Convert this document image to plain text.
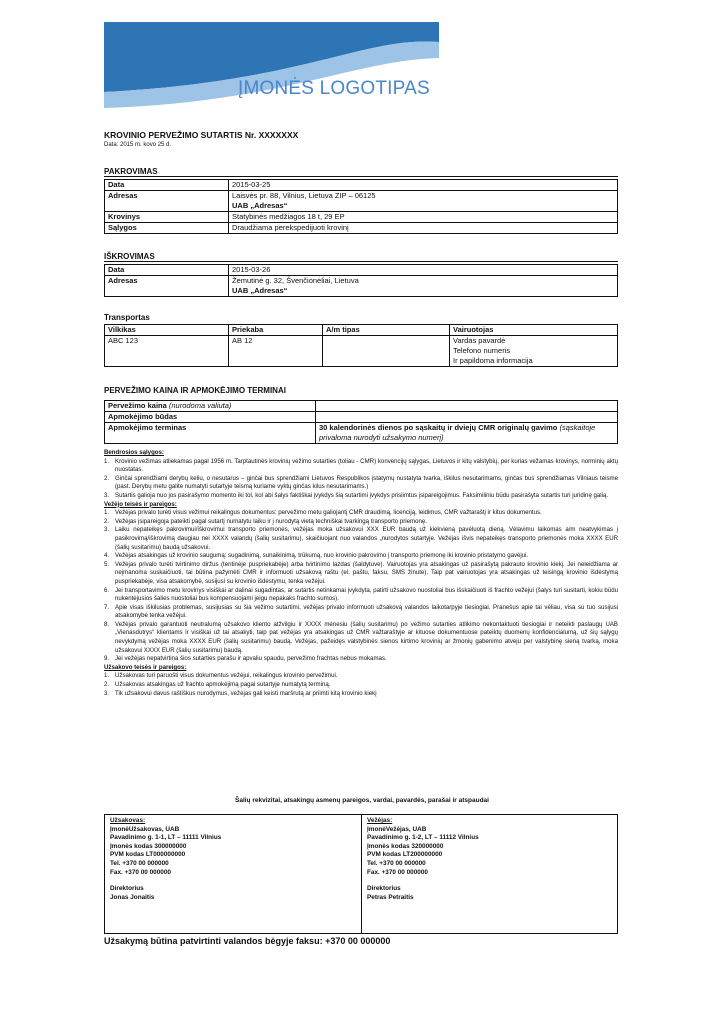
ĮMONĖS LOGOTIPAS
KROVINIO PERVEŽIMO SUTARTIS Nr. XXXXXXX
Data: 2015 m. kovo 25 d.
PAKROVIMAS
Data	2015-03-25
Adresas	Laisvės pr. 88, Vilnius, Lietuva ZIP – 06125
UAB „Adresas“

Krovinys	Statybinės medžiagos 18 t, 29 EP
Sąlygos	Draudžiama perekspedijuoti krovinį
IŠKROVIMAS
Data	2015-03-26
Adresas	Žemutinė g. 32, Švenčionėliai, Lietuva
UAB „Adresas“
Transportas
Vilkikas	Priekaba	A/m tipas	Vairuotojas
ABC 123	AB 12		Vardas pavardė
Telefono numeris
Ir papildoma informacija
PERVEŽIMO KAINA IR APMOKĖJIMO TERMINAI
Pervežimo kaina (nurodoma valiuta)	
Apmokėjimo būdas	
Apmokėjimo terminas	30 kalendorinės dienos po sąskaitų ir dviejų CMR originalų gavimo (sąskaitoje privaloma nurodyti užsakymo numerį)
Bendrosios sąlygos:
1. Krovinio vežimas atliekamas pagal 1956 m. Tarptautinės krovinių vežimo sutarties (toliau - CMR) konvencijų sąlygas, Lietuvos ir kitų valstybių, per kurias vežamas krovinys, norminių aktų nuostatas.
2. Ginčai sprendžiami derybų keliu, o nesutarus – ginčai bus sprendžiami Lietuvos Respublikos įstatymų nustatyta tvarka, iškilus nesutarimams, ginčas bus sprendžiamas Vilniaus teisme (past. Derybų metu galite numatyti sutartyje teismą kuriame vyktų ginčas kilus nesutarimams.)
3. Sutartis galioja nuo jos pasirašymo momento iki tol, kol abi šalys faktiškai įvykdys šią sutartimi įvykdys prisiimtus įsipareigojimus. Faksimiliniu būdu pasirašyta sutartis turi juridinę galią.
Vežėjo teisės ir pareigos:
1. Vežėjas privalo turėti visus vežimui reikalingus dokumentus: pervežimo metu galiojantį CMR draudimą, licenciją, leidimus, CMR važtaraštį ir kitus dokumentus.
2. Vežėjas įsipareigoja pateikti pagal sutartį numatytu laiku ir į nurodytą vietą techniškai tvarkingą transporto priemonę.
3. Laiku nepateikęs pakrovimui/iškrovimui transporto priemonės, vežėjas moka užsakovui XXX EUR baudą už kiekvieną pavėluotą dieną. Vėlavimu laikomas a/m neatvykimas į pasikrovimą/iškrovimą daugiau nei XXXX valandų (šalių susitarimu), skaičiuojant nuo valandos „nurodytos sutartyje. Vežėjas išvis nepateikęs transporto priemonės moka XXXX EUR (šalių susitarimu) baudą užsakovui.
4. Vežėjas atsakingas už krovinio saugumą: sugadinimą, sunaikinimą, trūkumą, nuo krovinio pakrovimo į transporto priemonę iki krovinio pristatymo gavėjui.
5. Vežėjas privalo turėti tvirtinimo diržus (tentinėje puspriekabėje) arba tvirtinimo lazdas (šaldytuve). Vairuotojas yra atsakingas už pasirašytą pakrauto krovinio kiekį. Jei neleidžiama ar neįmanoma suskaičiuoti, tai būtina pažymėti CMR ir informuoti užsakovą raštu (el. paštu, faksu, SMS žinute). Taip pat vairuotojas yra atsakingas už teisingą krovinio išdėstymą puspriekabėje, visa atsakomybė, susijusi su krovinio išdėstymu, tenka vežėjui.
6. Jei transportavimo metu krovinys visiškai ar dalinai sugadintas, ar sutartis netinkamai įvykdyta, patirti užsakovo nuostoliai bus išskaičiuoti iš frachto vežėjui (šalys turi susitarti, kokiu būdu nukentėjusios šalies nuostoliai bus kompensuojami jeigu nepakaks frachto sumos).
7. Apie visas iškilusias problemas, susijusias su šia vežimo sutartimi, vežėjas privalo informuoti užsakovą valandos laikotarpyje tiesiogiai. Pranešus apie tai vėliau, visa su tuo susijusi atsakomybė tenka vežėjui.
8. Vežėjas privalo garantuoti neutralumą užsakovo kliento atžvilgiu ir XXXX mėnesiu (šalių susitarimu) po vežimo sutarties atlikimo nekontaktuoti tiesiogiai ir neteikti paslaugų UAB „Vienasdutrys“ klientams ir visiškai už tai atsakyti, taip pat vežėjas yra atsakingas už CMR važtaraštyje ar kituose dokumentuose pateiktų duomenų konfidencialumą, už šių sąlygų nevykdymą vežėjas moka XXXX EUR (šalių susitarimu) baudą. Vežėjas, pažeidęs valstybinės sienos kirtimo krovinių ar žmonių gabenimo atveju per valstybinę sieną tvarką, moka užsakovui XXXX EUR (šalių susitarimu) baudą.
9. Jei vežėjas nepatvirtina šios sutarties parašu ir apvaliu spaudu, pervežimo frachtas nebus mokamas.
Užsakovo teisės ir pareigos:
1. Užsakovas turi paruošti visus dokumentus vežėjui, reikalingus krovinio pervežimui.
2. Užsakovas atsakingas už frachto apmokėjimą pagal sutartyje numatytą terminą.
3. Tik užsakovui davus raštiškus nurodymus, vežėjas gali keisti maršrutą ar priimti kitą krovinio kiekį
Šalių rekvizitai, atsakingų asmenų pareigos, vardai, pavardės, parašai ir atspaudai
Užsakovas:
ĮmonėUžsakovas, UAB
Pavadinimo g. 1-1, LT – 11111 Vilnius
Įmonės kodas 300000000
PVM kodas LT000000000
Tel. +370 00 000000
Fax. +370 00 000000
Direktorius
Jonas Jonaitis
Vežėjas:
ĮmonėVežėjas, UAB
Pavadinimo g. 1-2, LT – 11112 Vilnius
Įmonės kodas 320000000
PVM kodas LT200000000
Tel. +370 00 000000
Fax. +370 00 000000
Direktorius
Petras Petraitis
Užsakymą būtina patvirtinti valandos bėgyje faksu: +370 00 000000
